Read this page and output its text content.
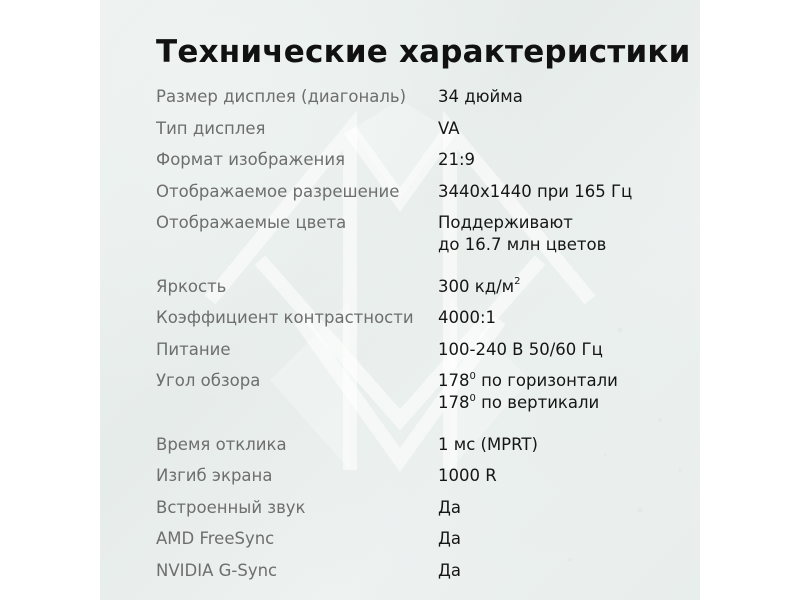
Технические характеристики
Размер дисплея (диагональ)	34 дюйма
Тип дисплея	VA
Формат изображения	21:9
Отображаемое разрешение	3440x1440 при 165 Гц
Отображаемые цвета	Поддерживают
до 16.7 млн цветов
Яркость	300 $кд/м^2$
Коэффициент контрастности	4000:1
Питание	100-240 В 50/60 Гц
Угол обзора	$178^0$ по горизонтали
$178^0$ по вертикали
Время отклика	1 мс (MPRT)
Изгиб экрана	1000 R
Встроенный звук	Да
AMD FreeSync	Да
NVIDIA G-Sync	Да
